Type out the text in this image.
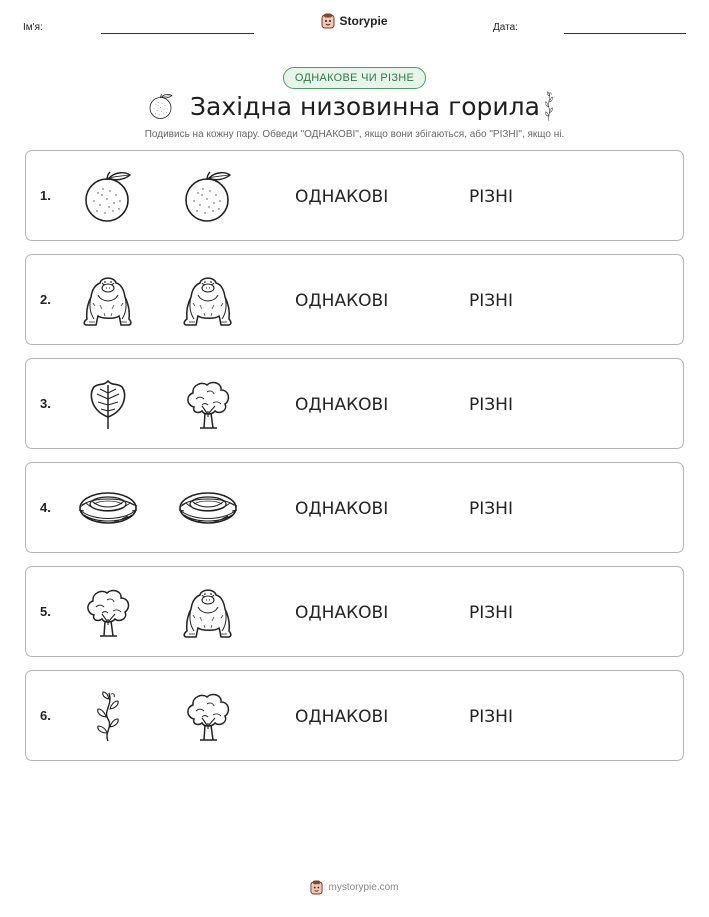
Ім'я:	Storypie	Дата:
ОДНАКОВЕ ЧИ РІЗНЕ
Західна низовинна горила
Подивись на кожну пару. Обведи "ОДНАКОВІ", якщо вони збігаються, або "РІЗНІ", якщо ні.
1.	ОДНАКОВІ	РІЗНІ
2.	ОДНАКОВІ	РІЗНІ
3.	ОДНАКОВІ	РІЗНІ
4.	ОДНАКОВІ	РІЗНІ
5.	ОДНАКОВІ	РІЗНІ
6.	ОДНАКОВІ	РІЗНІ
mystorypie.com
